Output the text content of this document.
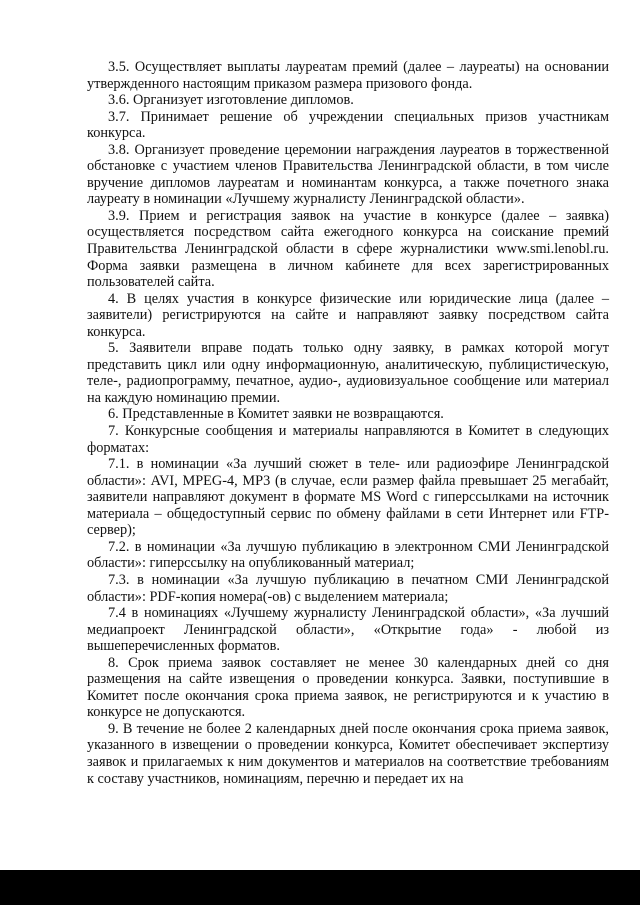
3.5. Осуществляет выплаты лауреатам премий (далее – лауреаты) на основании утвержденного настоящим приказом размера призового фонда.

3.6. Организует изготовление дипломов.

3.7. Принимает решение об учреждении специальных призов участникам конкурса.

3.8. Организует проведение церемонии награждения лауреатов в торжественной обстановке с участием членов Правительства Ленинградской области, в том числе вручение дипломов лауреатам и номинантам конкурса, а также почетного знака лауреату в номинации «Лучшему журналисту Ленинградской области».

3.9. Прием и регистрация заявок на участие в конкурсе (далее – заявка) осуществляется посредством сайта ежегодного конкурса на соискание премий Правительства Ленинградской области в сфере журналистики www.smi.lenobl.ru. Форма заявки размещена в личном кабинете для всех зарегистрированных пользователей сайта.

4. В целях участия в конкурсе физические или юридические лица (далее – заявители) регистрируются на сайте и направляют заявку посредством сайта конкурса.

5. Заявители вправе подать только одну заявку, в рамках которой могут представить цикл или одну информационную, аналитическую, публицистическую, теле-, радиопрограмму, печатное, аудио-, аудиовизуальное сообщение или материал на каждую номинацию премии.

6. Представленные в Комитет заявки не возвращаются.

7. Конкурсные сообщения и материалы направляются в Комитет в следующих форматах:

7.1. в номинации «За лучший сюжет в теле- или радиоэфире Ленинградской области»: AVI, MPEG-4, MP3 (в случае, если размер файла превышает 25 мегабайт, заявители направляют документ в формате MS Word с гиперссылками на источник материала – общедоступный сервис по обмену файлами в сети Интернет или FTP-сервер);

7.2. в номинации «За лучшую публикацию в электронном СМИ Ленинградской области»: гиперссылку на опубликованный материал;

7.3. в номинации «За лучшую публикацию в печатном СМИ Ленинградской области»: PDF-копия номера(-ов) с выделением материала;

7.4 в номинациях «Лучшему журналисту Ленинградской области», «За лучший медиапроект Ленинградской области», «Открытие года» - любой из вышеперечисленных форматов.

8. Срок приема заявок составляет не менее 30 календарных дней со дня размещения на сайте извещения о проведении конкурса. Заявки, поступившие в Комитет после окончания срока приема заявок, не регистрируются и к участию в конкурсе не допускаются.

9. В течение не более 2 календарных дней после окончания срока приема заявок, указанного в извещении о проведении конкурса, Комитет обеспечивает экспертизу заявок и прилагаемых к ним документов и материалов на соответствие требованиям к составу участников, номинациям, перечню и передает их на
